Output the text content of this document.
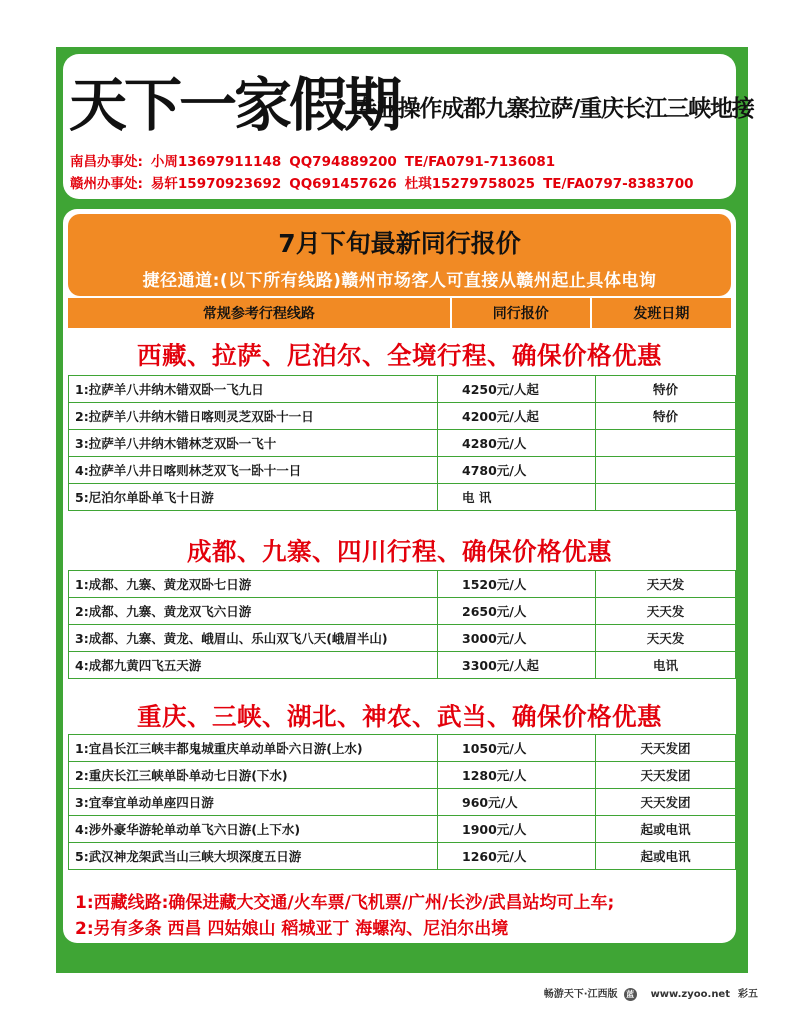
天下一家假期
专业操作成都九寨拉萨/重庆长江三峡地接
南昌办事处: 小周13697911148 QQ794889200 TE/FA0791-7136081
赣州办事处: 易轩15970923692 QQ691457626 杜琪15279758025 TE/FA0797-8383700
7月下旬最新同行报价
捷径通道:(以下所有线路)赣州市场客人可直接从赣州起止具体电询
常规参考行程线路	同行报价	发班日期
西藏、拉萨、尼泊尔、全境行程、确保价格优惠
1:拉萨羊八井纳木错双卧一飞九日	4250元/人起	特价
2:拉萨羊八井纳木错日喀则灵芝双卧十一日	4200元/人起	特价
3:拉萨羊八井纳木错林芝双卧一飞十	4280元/人	
4:拉萨羊八井日喀则林芝双飞一卧十一日	4780元/人	
5:尼泊尔单卧单飞十日游	电 讯	
成都、九寨、四川行程、确保价格优惠
1:成都、九寨、黄龙双卧七日游	1520元/人	天天发
2:成都、九寨、黄龙双飞六日游	2650元/人	天天发
3:成都、九寨、黄龙、峨眉山、乐山双飞八天(峨眉半山)	3000元/人	天天发
4:成都九黄四飞五天游	3300元/人起	电讯
重庆、三峡、湖北、神农、武当、确保价格优惠
1:宜昌长江三峡丰都鬼城重庆单动单卧六日游(上水)	1050元/人	天天发团
2:重庆长江三峡单卧单动七日游(下水)	1280元/人	天天发团
3:宜奉宜单动单座四日游	960元/人	天天发团
4:涉外豪华游轮单动单飞六日游(上下水)	1900元/人	起或电讯
5:武汉神龙架武当山三峡大坝深度五日游	1260元/人	起或电讯
1:西藏线路:确保进藏大交通/火车票/飞机票/广州/长沙/武昌站均可上车;
2:另有多条 西昌 四姑娘山 稻城亚丁 海螺沟、尼泊尔出境
畅游天下·江西版 蓝 www.zyoo.net 彩五
